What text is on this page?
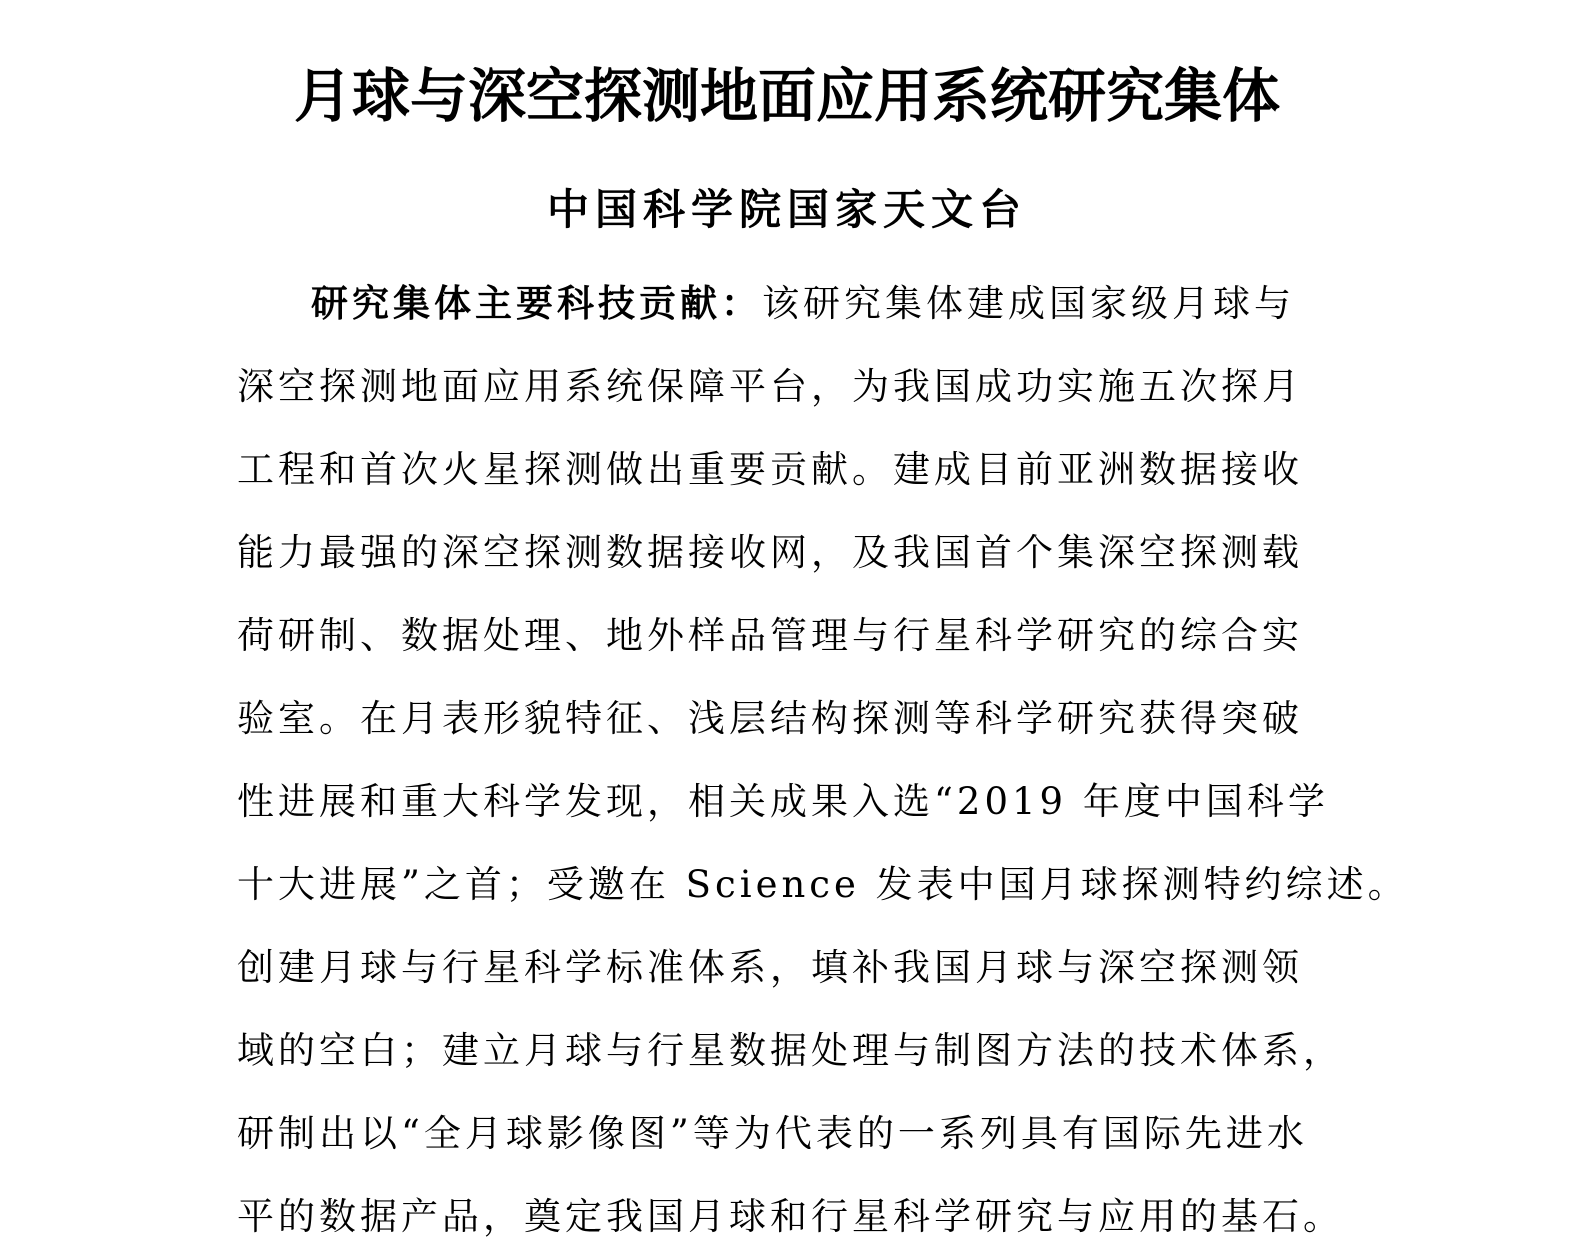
月球与深空探测地面应用系统研究集体
中国科学院国家天文台
研究集体主要科技贡献：该研究集体建成国家级月球与
深空探测地面应用系统保障平台，为我国成功实施五次探月
工程和首次火星探测做出重要贡献。建成目前亚洲数据接收
能力最强的深空探测数据接收网，及我国首个集深空探测载
荷研制、数据处理、地外样品管理与行星科学研究的综合实
验室。在月表形貌特征、浅层结构探测等科学研究获得突破
性进展和重大科学发现，相关成果入选“2019 年度中国科学
十大进展”之首；受邀在 Science 发表中国月球探测特约综述。
创建月球与行星科学标准体系，填补我国月球与深空探测领
域的空白；建立月球与行星数据处理与制图方法的技术体系，
研制出以“全月球影像图”等为代表的一系列具有国际先进水
平的数据产品，奠定我国月球和行星科学研究与应用的基石。
